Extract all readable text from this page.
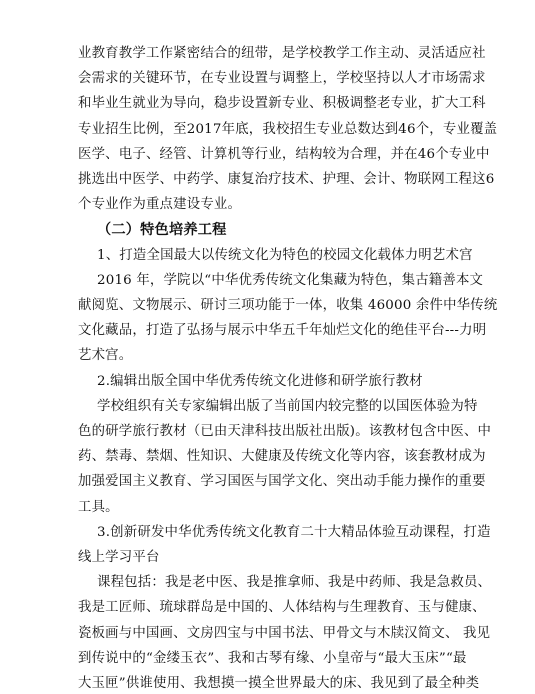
业教育教学工作紧密结合的纽带，是学校教学工作主动、灵活适应社
会需求的关键环节，在专业设置与调整上，学校坚持以人才市场需求
和毕业生就业为导向，稳步设置新专业、积极调整老专业，扩大工科
专业招生比例，至2017年底，我校招生专业总数达到46个，专业覆盖
医学、电子、经管、计算机等行业，结构较为合理，并在46个专业中
挑选出中医学、中药学、康复治疗技术、护理、会计、物联网工程这6
个专业作为重点建设专业。
（二）特色培养工程
1、打造全国最大以传统文化为特色的校园文化载体力明艺术宫
2016 年，学院以“中华优秀传统文化集藏为特色，集古籍善本文
献阅览、文物展示、研讨三项功能于一体，收集 46000 余件中华传统
文化藏品，打造了弘扬与展示中华五千年灿烂文化的绝佳平台---力明
艺术宫。
2.编辑出版全国中华优秀传统文化进修和研学旅行教材
学校组织有关专家编辑出版了当前国内较完整的以国医体验为特
色的研学旅行教材（已由天津科技出版社出版)。该教材包含中医、中
药、禁毒、禁烟、性知识、大健康及传统文化等内容，该套教材成为
加强爱国主义教育、学习国医与国学文化、突出动手能力操作的重要
工具。
3.创新研发中华优秀传统文化教育二十大精品体验互动课程，打造
线上学习平台
课程包括：我是老中医、我是推拿师、我是中药师、我是急救员、
我是工匠师、琉球群岛是中国的、人体结构与生理教育、玉与健康、
瓷板画与中国画、文房四宝与中国书法、甲骨文与木牍汉简文、 我见
到传说中的“金缕玉衣”、我和古琴有缘、小皇帝与“最大玉床”“最
大玉匣”供谁使用、我想摸一摸全世界最大的床、我见到了最全种类
